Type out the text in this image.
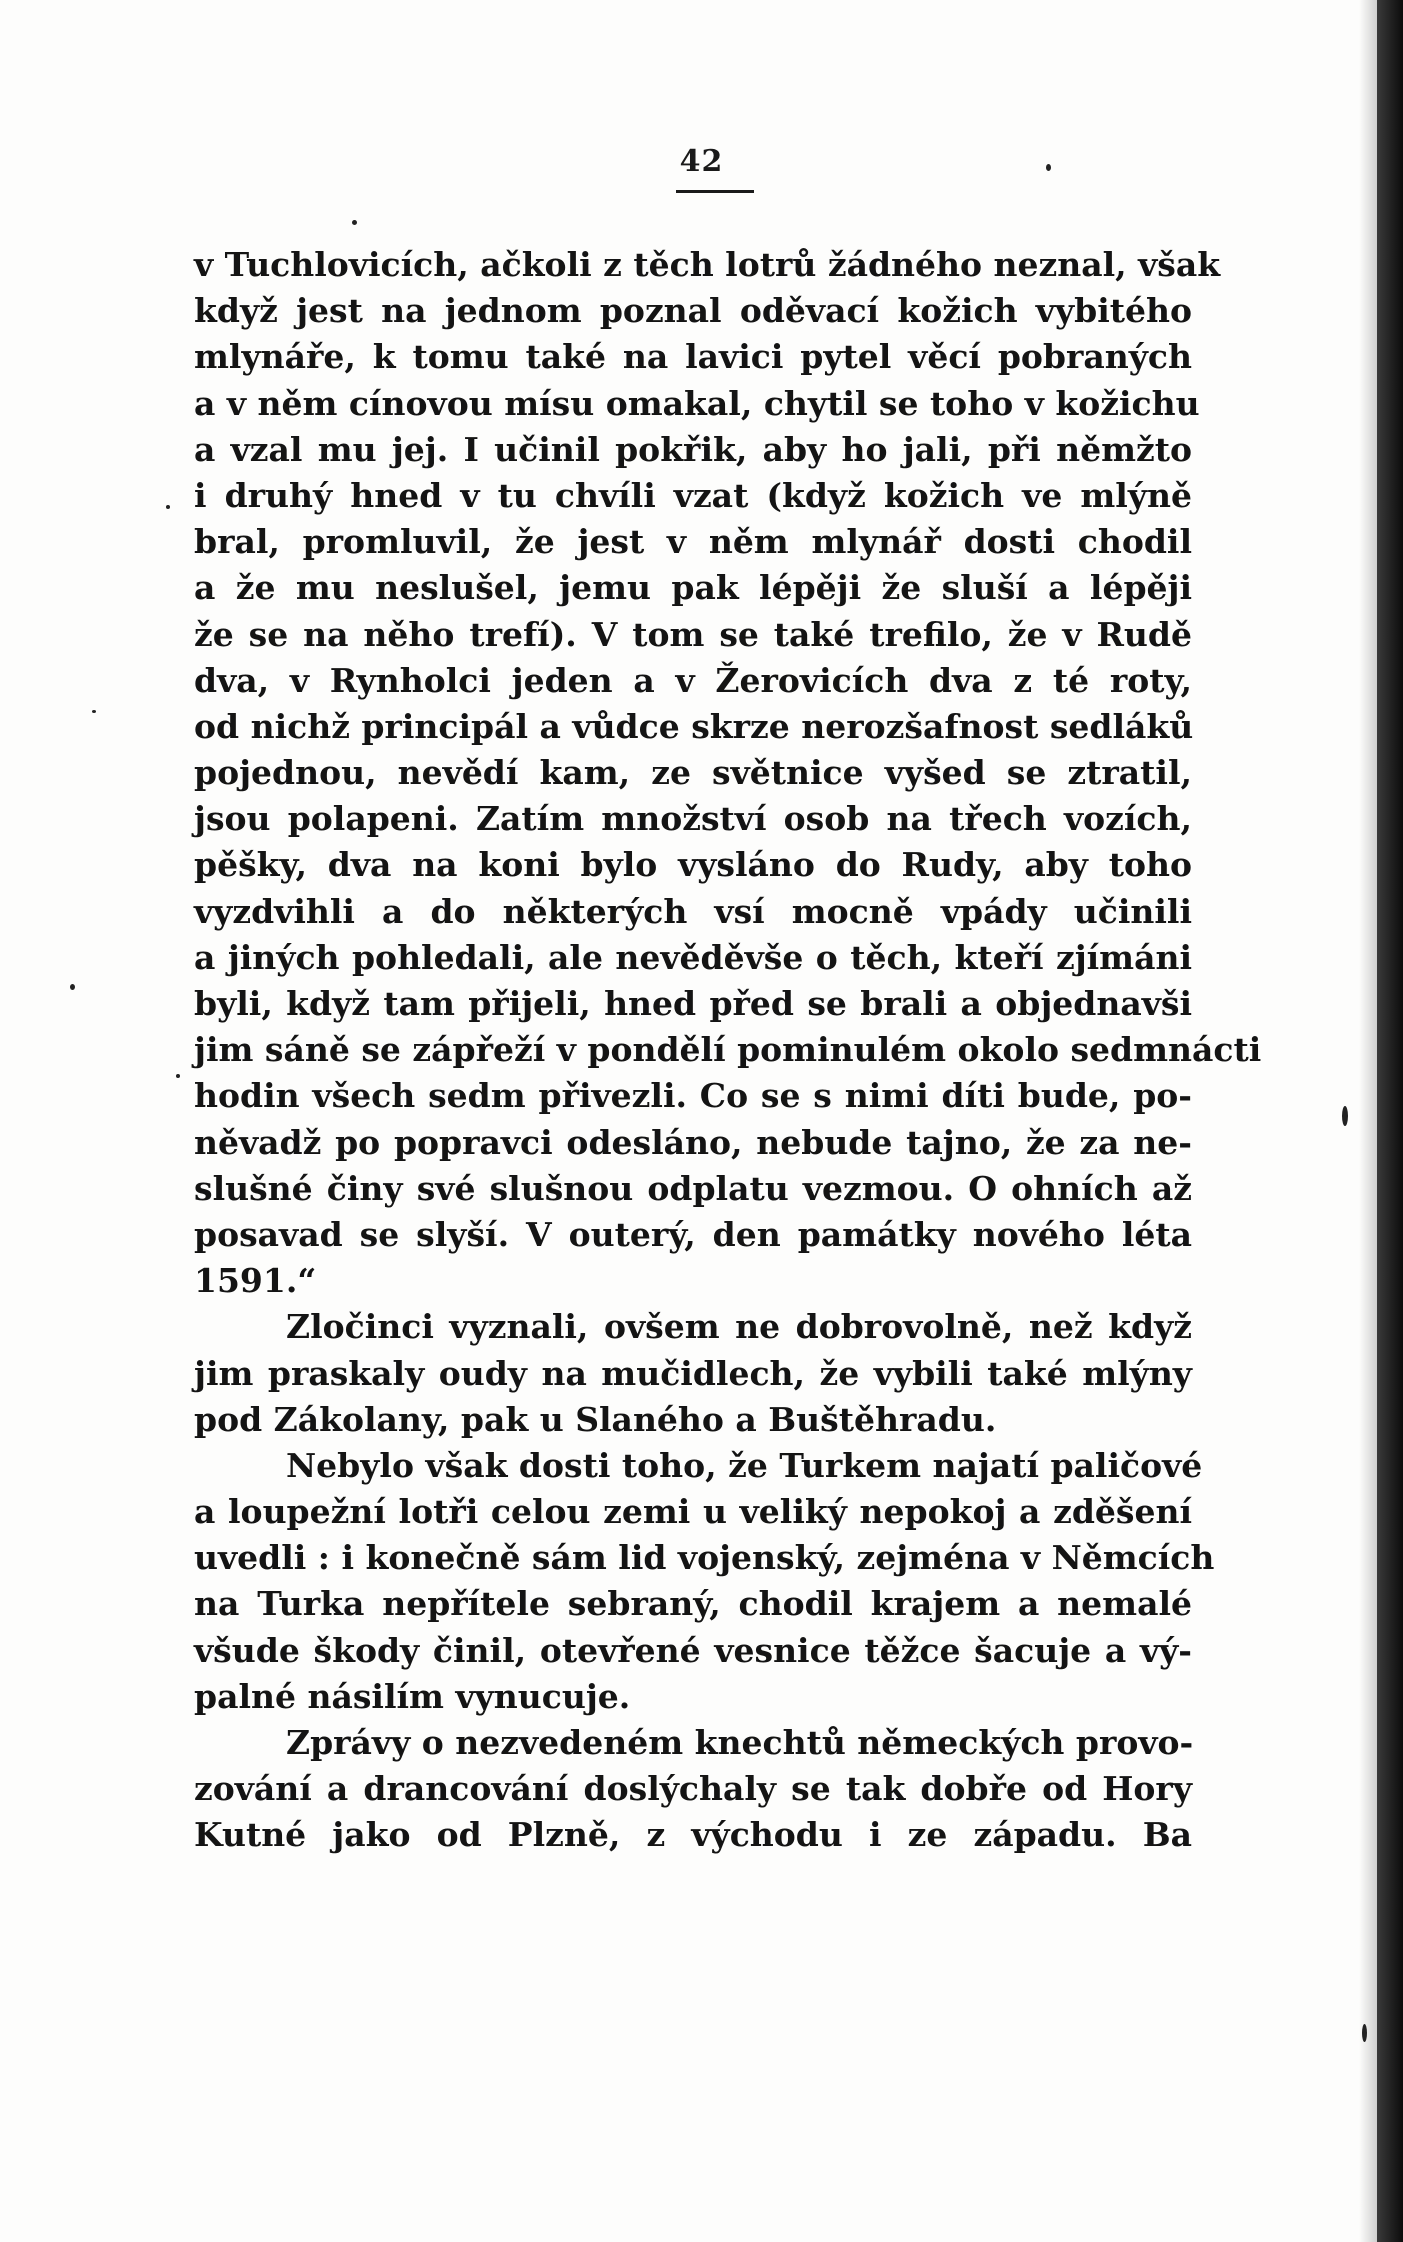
42
v Tuchlovicích, ačkoli z těch lotrů žádného neznal, však
když jest na jednom poznal oděvací kožich vybitého
mlynáře, k tomu také na lavici pytel věcí pobraných
a v něm cínovou mísu omakal, chytil se toho v kožichu
a vzal mu jej. I učinil pokřik, aby ho jali, při němžto
i druhý hned v tu chvíli vzat (když kožich ve mlýně
bral, promluvil, že jest v něm mlynář dosti chodil
a že mu neslušel, jemu pak lépěji že sluší a lépěji
že se na něho trefí). V tom se také trefilo, že v Rudě
dva, v Rynholci jeden a v Žerovicích dva z té roty,
od nichž principál a vůdce skrze nerozšafnost sedláků
pojednou, nevědí kam, ze světnice vyšed se ztratil,
jsou polapeni. Zatím množství osob na třech vozích,
pěšky, dva na koni bylo vysláno do Rudy, aby toho
vyzdvihli a do některých vsí mocně vpády učinili
a jiných pohledali, ale nevěděvše o těch, kteří zjímáni
byli, když tam přijeli, hned před se brali a objednavši
jim sáně se zápřeží v pondělí pominulém okolo sedmnácti
hodin všech sedm přivezli. Co se s nimi díti bude, po-
něvadž po popravci odesláno, nebude tajno, že za ne-
slušné činy své slušnou odplatu vezmou. O ohních až
posavad se slyší. V outerý, den památky nového léta
1591.“
Zločinci vyznali, ovšem ne dobrovolně, než když
jim praskaly oudy na mučidlech, že vybili také mlýny
pod Zákolany, pak u Slaného a Buštěhradu.
Nebylo však dosti toho, že Turkem najatí paličové
a loupežní lotři celou zemi u veliký nepokoj a zděšení
uvedli : i konečně sám lid vojenský, zejména v Němcích
na Turka nepřítele sebraný, chodil krajem a nemalé
všude škody činil, otevřené vesnice těžce šacuje a vý-
palné násilím vynucuje.
Zprávy o nezvedeném knechtů německých provo-
zování a drancování doslýchaly se tak dobře od Hory
Kutné jako od Plzně, z východu i ze západu. Ba
